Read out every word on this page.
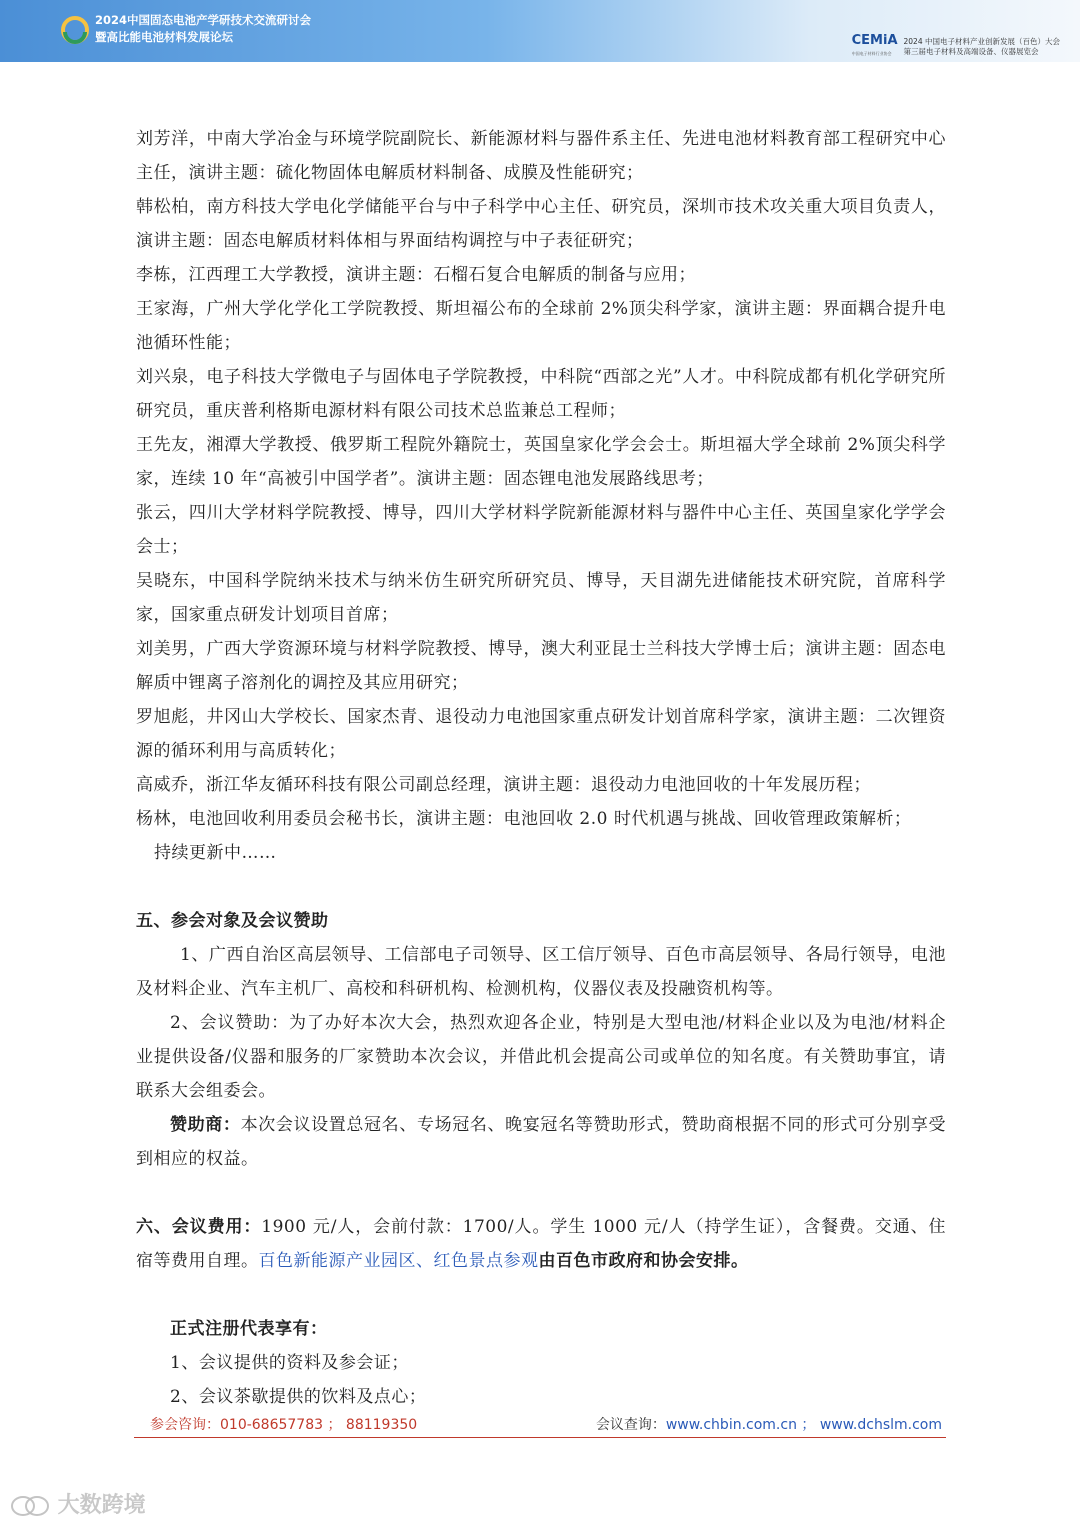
2024中国固态电池产学研技术交流研讨会
暨高比能电池材料发展论坛	CEMiA
中国电子材料行业协会
2024 中国电子材料产业创新发展（百色）大会
第三届电子材料及高端设备、仪器展览会

刘芳洋，中南大学冶金与环境学院副院长、新能源材料与器件系主任、先进电池材料教育部工程研究中心主任，演讲主题：硫化物固体电解质材料制备、成膜及性能研究；

韩松柏，南方科技大学电化学储能平台与中子科学中心主任、研究员，深圳市技术攻关重大项目负责人，演讲主题：固态电解质材料体相与界面结构调控与中子表征研究；

李栋，江西理工大学教授，演讲主题：石榴石复合电解质的制备与应用；

王家海，广州大学化学化工学院教授、斯坦福公布的全球前 2%顶尖科学家，演讲主题：界面耦合提升电池循环性能；

刘兴泉，电子科技大学微电子与固体电子学院教授，中科院“西部之光”人才。中科院成都有机化学研究所研究员，重庆普利格斯电源材料有限公司技术总监兼总工程师；

王先友，湘潭大学教授、俄罗斯工程院外籍院士，英国皇家化学会会士。斯坦福大学全球前 2%顶尖科学家，连续 10 年“高被引中国学者”。演讲主题：固态锂电池发展路线思考；

张云，四川大学材料学院教授、博导，四川大学材料学院新能源材料与器件中心主任、英国皇家化学学会会士；

吴晓东，中国科学院纳米技术与纳米仿生研究所研究员、博导，天目湖先进储能技术研究院，首席科学家，国家重点研发计划项目首席；

刘美男，广西大学资源环境与材料学院教授、博导，澳大利亚昆士兰科技大学博士后；演讲主题：固态电解质中锂离子溶剂化的调控及其应用研究；

罗旭彪，井冈山大学校长、国家杰青、退役动力电池国家重点研发计划首席科学家，演讲主题：二次锂资源的循环利用与高质转化；

高威乔，浙江华友循环科技有限公司副总经理，演讲主题：退役动力电池回收的十年发展历程；

杨林，电池回收利用委员会秘书长，演讲主题：电池回收 2.0 时代机遇与挑战、回收管理政策解析；

持续更新中……

五、参会对象及会议赞助

1、广西自治区高层领导、工信部电子司领导、区工信厅领导、百色市高层领导、各局行领导，电池及材料企业、汽车主机厂、高校和科研机构、检测机构，仪器仪表及投融资机构等。

2、会议赞助：为了办好本次大会，热烈欢迎各企业，特别是大型电池/材料企业以及为电池/材料企业提供设备/仪器和服务的厂家赞助本次会议，并借此机会提高公司或单位的知名度。有关赞助事宜，请联系大会组委会。

赞助商：本次会议设置总冠名、专场冠名、晚宴冠名等赞助形式，赞助商根据不同的形式可分别享受到相应的权益。

六、会议费用：1900 元/人，会前付款：1700/人。学生 1000 元/人（持学生证），含餐费。交通、住宿等费用自理。百色新能源产业园区、红色景点参观由百色市政府和协会安排。

正式注册代表享有：

1、会议提供的资料及参会证；

2、会议茶歇提供的饮料及点心；

参会咨询：010-68657783 ； 88119350	会议查询：www.chbin.com.cn ； www.dchslm.com
大数跨境
